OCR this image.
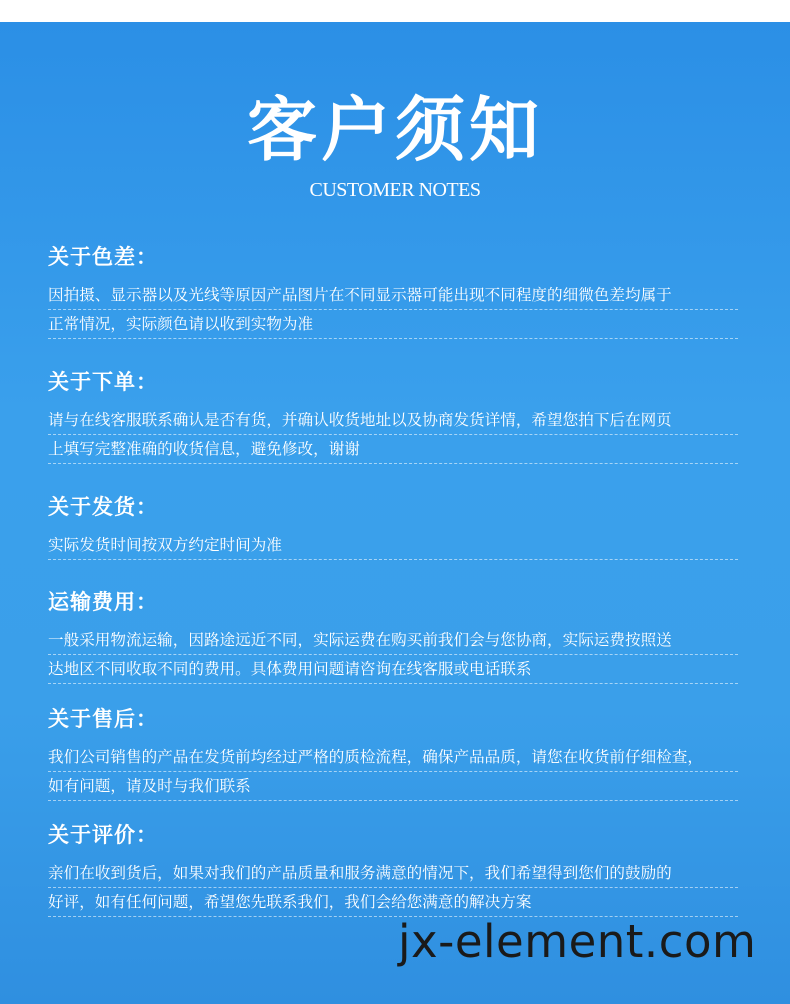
客户须知
CUSTOMER NOTES
关于色差：
因拍摄、显示器以及光线等原因产品图片在不同显示器可能出现不同程度的细微色差均属于
正常情况，实际颜色请以收到实物为准
关于下单：
请与在线客服联系确认是否有货，并确认收货地址以及协商发货详情，希望您拍下后在网页
上填写完整准确的收货信息，避免修改，谢谢
关于发货：
实际发货时间按双方约定时间为准
运输费用：
一般采用物流运输，因路途远近不同，实际运费在购买前我们会与您协商，实际运费按照送
达地区不同收取不同的费用。具体费用问题请咨询在线客服或电话联系
关于售后：
我们公司销售的产品在发货前均经过严格的质检流程，确保产品品质，请您在收货前仔细检查，
如有问题，请及时与我们联系
关于评价：
亲们在收到货后，如果对我们的产品质量和服务满意的情况下，我们希望得到您们的鼓励的
好评，如有任何问题，希望您先联系我们，我们会给您满意的解决方案
jx-element.com
